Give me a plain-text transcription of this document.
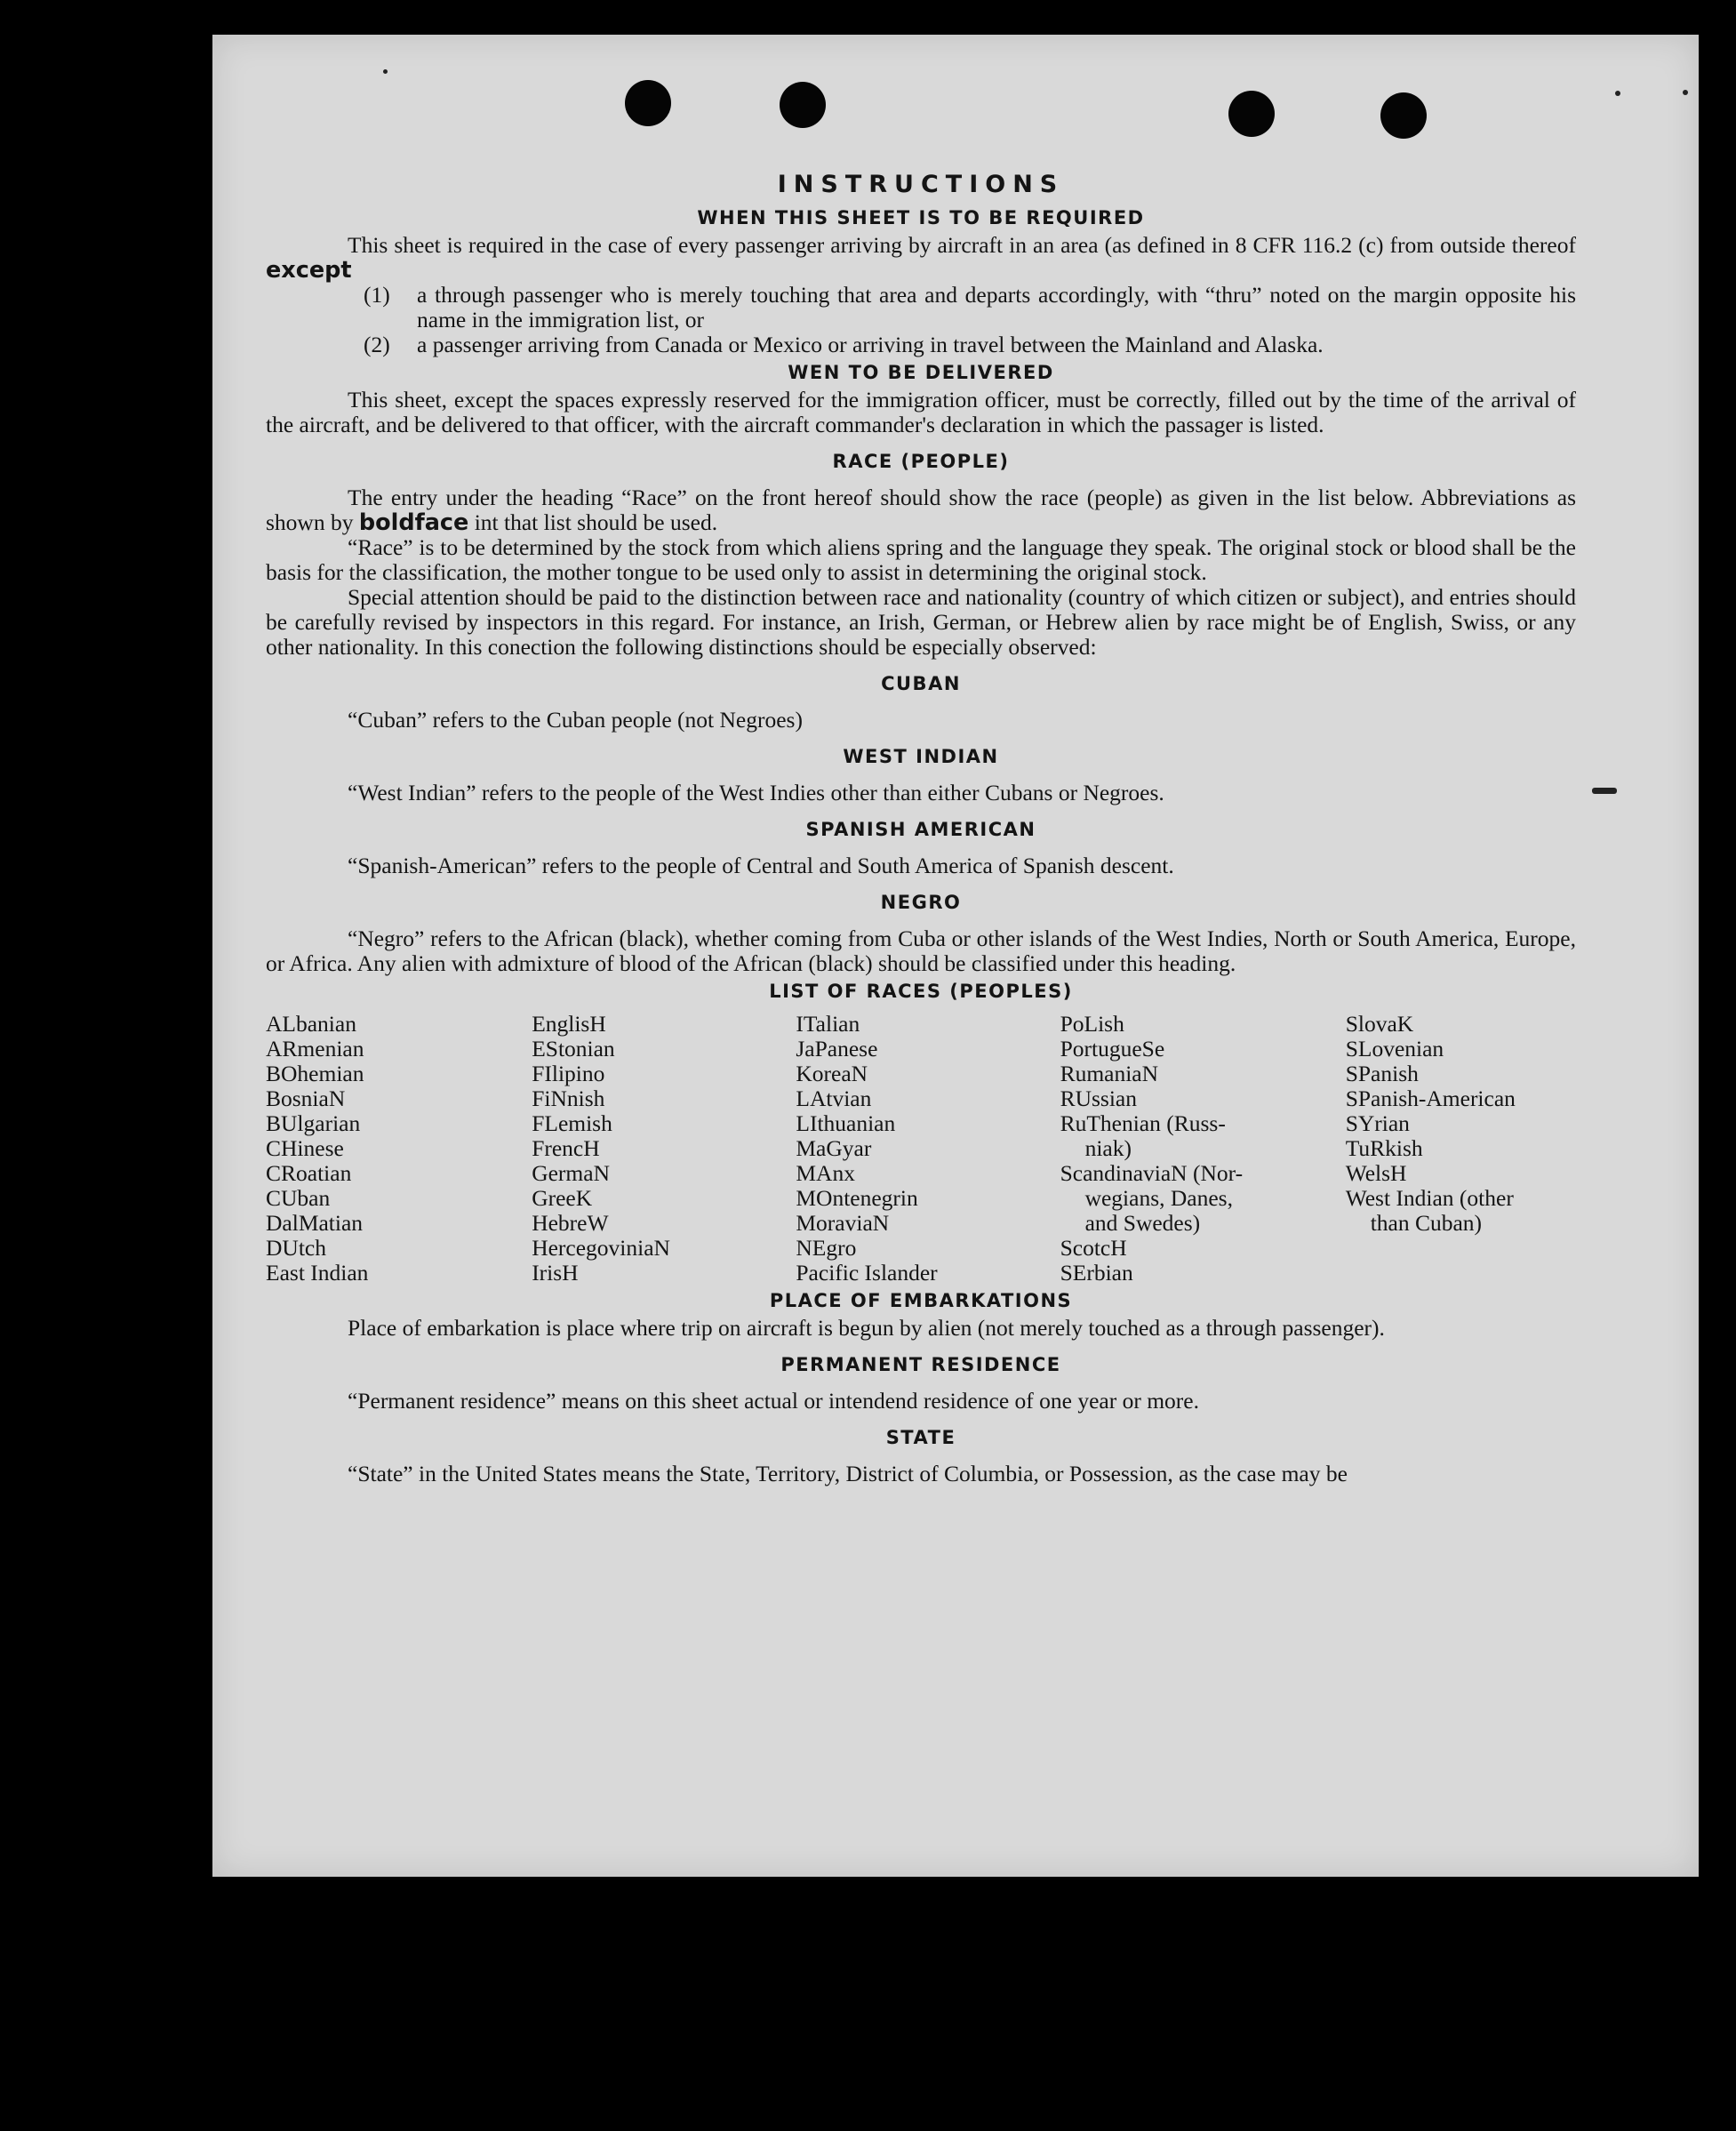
INSTRUCTIONS
WHEN THIS SHEET IS TO BE REQUIRED

This sheet is required in the case of every passenger arriving by aircraft in an area (as defined in 8 CFR 116.2 (c) from outside thereof except

(1)	a through passenger who is merely touching that area and departs accordingly, with “thru” noted on the margin opposite his name in the immigration list, or
(2)	a passenger arriving from Canada or Mexico or arriving in travel between the Mainland and Alaska.
WEN TO BE DELIVERED

This sheet, except the spaces expressly reserved for the immigration officer, must be correctly, filled out by the time of the arrival of the aircraft, and be delivered to that officer, with the aircraft commander's declaration in which the passager is listed.

RACE (PEOPLE)

The entry under the heading “Race” on the front hereof should show the race (people) as given in the list below. Abbreviations as shown by boldface int that list should be used.

“Race” is to be determined by the stock from which aliens spring and the language they speak. The original stock or blood shall be the basis for the classification, the mother tongue to be used only to assist in determining the original stock.

Special attention should be paid to the distinction between race and nationality (country of which citizen or subject), and entries should be carefully revised by inspectors in this regard. For instance, an Irish, German, or Hebrew alien by race might be of English, Swiss, or any other nationality. In this conection the following distinctions should be especially observed:

CUBAN

“Cuban” refers to the Cuban people (not Negroes)

WEST INDIAN

“West Indian” refers to the people of the West Indies other than either Cubans or Negroes.

SPANISH AMERICAN

“Spanish-American” refers to the people of Central and South America of Spanish descent.

NEGRO

“Negro” refers to the African (black), whether coming from Cuba or other islands of the West Indies, North or South America, Europe, or Africa. Any alien with admixture of blood of the African (black) should be classified under this heading.

LIST OF RACES (PEOPLES)
ALbanian
ARmenian
BOhemian
BosniaN
BUlgarian
CHinese
CRoatian
CUban
DalMatian
DUtch
East Indian
EnglisH
EStonian
FIlipino
FiNnish
FLemish
FrencH
GermaN
GreeK
HebreW
HercegoviniaN
IrisH
ITalian
JaPanese
KoreaN
LAtvian
LIthuanian
MaGyar
MAnx
MOntenegrin
MoraviaN
NEgro
Pacific Islander
PoLish
PortugueSe
RumaniaN
RUssian
RuThenian (Russ-
niak)
ScandinaviaN (Nor-
wegians, Danes,
and Swedes)
ScotcH
SErbian
SlovaK
SLovenian
SPanish
SPanish-American
SYrian
TuRkish
WelsH
West Indian (other
than Cuban)
PLACE OF EMBARKATIONS

Place of embarkation is place where trip on aircraft is begun by alien (not merely touched as a through passenger).

PERMANENT RESIDENCE

“Permanent residence” means on this sheet actual or intendend residence of one year or more.

STATE

“State” in the United States means the State, Territory, District of Columbia, or Possession, as the case may be
